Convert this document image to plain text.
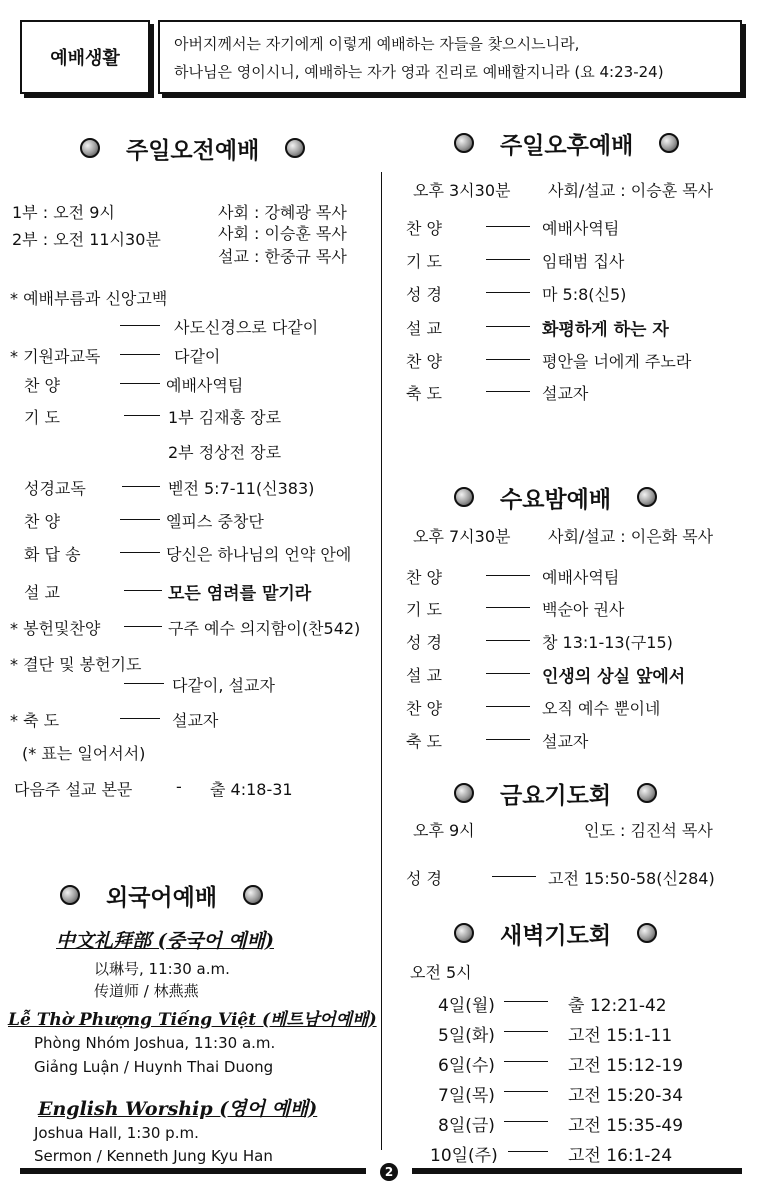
예배생활
아버지께서는 자기에게 이렇게 예배하는 자들을 찾으시느니라,
하나님은 영이시니, 예배하는 자가 영과 진리로 예배할지니라 (요 4:23-24)
주일오전예배
1부 : 오전 9시
2부 : 오전 11시30분
사회 : 강혜광 목사
사회 : 이승훈 목사
설교 : 한중규 목사
* 예배부름과 신앙고백
사도신경으로 다같이
* 기원과교독	다같이
찬 양	예배사역팀
기 도	1부 김재홍 장로
2부 정상전 장로
성경교독	벧전 5:7-11(신383)
찬 양	엘피스 중창단
화 답 송	당신은 하나님의 언약 안에
설 교	모든 염려를 맡기라
* 봉헌및찬양	구주 예수 의지함이(찬542)
* 결단 및 봉헌기도
다같이, 설교자
* 축 도	설교자
(* 표는 일어서서)
다음주 설교 본문	- 출 4:18-31
외국어예배
中文礼拜部 (중국어 예배)
以琳号, 11:30 a.m.
传道师 / 林燕燕
Lễ Thờ Phượng Tiếng Việt (베트남어예배)
Phòng Nhóm Joshua, 11:30 a.m.
Giảng Luận / Huynh Thai Duong
English Worship (영어 예배)
Joshua Hall, 1:30 p.m.
Sermon / Kenneth Jung Kyu Han
주일오후예배
오후 3시30분 사회/설교 : 이승훈 목사
찬 양	예배사역팀
기 도	임태범 집사
성 경	마 5:8(신5)
설 교	화평하게 하는 자
찬 양	평안을 너에게 주노라
축 도	설교자
수요밤예배
오후 7시30분 사회/설교 : 이은화 목사
찬 양	예배사역팀
기 도	백순아 권사
성 경	창 13:1-13(구15)
설 교	인생의 상실 앞에서
찬 양	오직 예수 뿐이네
축 도	설교자
금요기도회
오후 9시	인도 : 김진석 목사
성 경	고전 15:50-58(신284)
새벽기도회
오전 5시
4일(월)	출 12:21-42
5일(화)	고전 15:1-11
6일(수)	고전 15:12-19
7일(목)	고전 15:20-34
8일(금)	고전 15:35-49
10일(주)	고전 16:1-24
2
